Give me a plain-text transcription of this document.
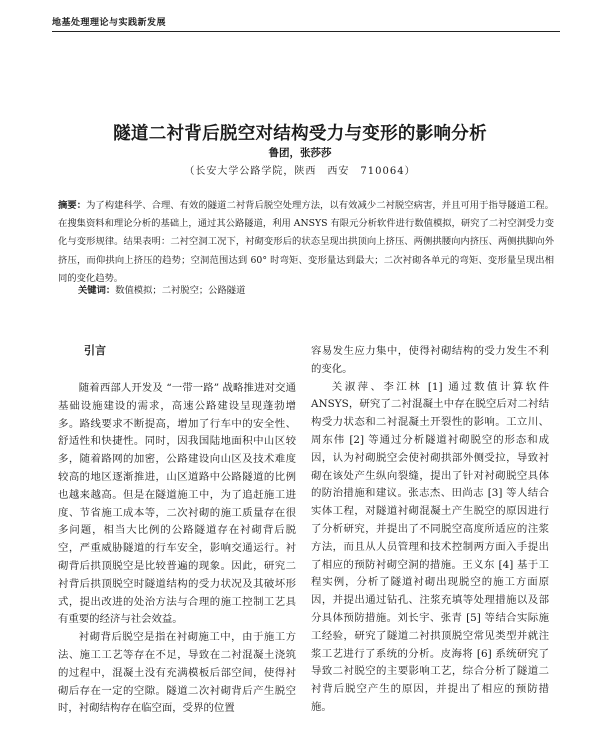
地基处理理论与实践新发展
隧道二衬背后脱空对结构受力与变形的影响分析
鲁团，张莎莎
（长安大学公路学院，陕西　西安　710064）
摘要：为了构建科学、合理、有效的隧道二衬背后脱空处理方法，以有效减少二衬脱空病害，并且可用于指导隧道工程。在搜集资料和理论分析的基础上，通过其公路隧道，利用 ANSYS 有限元分析软件进行数值模拟，研究了二衬空洞受力变化与变形规律。结果表明：二衬空洞工况下，衬砌变形后的状态呈现出拱顶向上挤压、两侧拱腰向内挤压、两侧拱脚向外挤压，而仰拱向上挤压的趋势；空洞范围达到 60° 时弯矩、变形量达到最大；二次衬砌各单元的弯矩、变形量呈现出相同的变化趋势。
关键词：数值模拟；二衬脱空；公路隧道
引言

随着西部人开发及 “一带一路” 战略推进对交通基础设施建设的需求，高速公路建设呈现蓬勃增多。路线要求不断提高，增加了行车中的安全性、舒适性和快捷性。同时，因我国陆地面积中山区较多，随着路网的加密，公路建设向山区及技术难度较高的地区逐渐推进，山区道路中公路隧道的比例也越来越高。但是在隧道施工中，为了追赶施工进度、节省施工成本等，二次衬砌的施工质量存在很多问题，相当大比例的公路隧道存在衬砌背后脱空，严重威胁隧道的行车安全，影响交通运行。衬砌背后拱顶脱空是比较普遍的现象。因此，研究二衬背后拱顶脱空时隧道结构的受力状况及其破坏形式，提出改进的处治方法与合理的施工控制工艺具有重要的经济与社会效益。

衬砌背后脱空是指在衬砌施工中，由于施工方法、施工工艺等存在不足，导致在二衬混凝土浇筑的过程中，混凝土没有充满模板后部空间，使得衬砌后存在一定的空隙。隧道二次衬砌背后产生脱空时，衬砌结构存在临空面，受界的位置

容易发生应力集中，使得衬砌结构的受力发生不利的变化。

关淑萍、李江林 [1] 通过数值计算软件 ANSYS，研究了二衬混凝土中存在脱空后对二衬结构受力状态和二衬混凝土开裂性的影响。工立川、周东伟 [2] 等通过分析隧道衬砌脱空的形态和成因，认为衬砌脱空会使衬砌拱部外侧受拉，导致衬砌在该处产生纵向裂缝，提出了针对衬砌脱空具体的防治措施和建议。张志杰、田尚志 [3] 等人结合实体工程，对隧道衬砌混凝土产生脱空的原因进行了分析研究，并提出了不同脱空高度所适应的注浆方法，而且从人员管理和技术控制两方面入手提出了相应的预防衬砌空洞的措施。王义东 [4] 基于工程实例，分析了隧道衬砌出现脱空的施工方面原因，并提出通过钻孔、注浆充填等处理措施以及部分具体预防措施。刘长宇、张青 [5] 等结合实际施工经验，研究了隧道二衬拱顶脱空常见类型并就注浆工艺进行了系统的分析。皮海将 [6] 系统研究了导致二衬脱空的主要影响工艺，综合分析了隧道二衬背后脱空产生的原因，并提出了相应的预防措施。
